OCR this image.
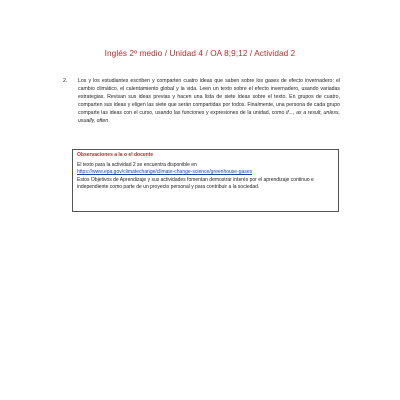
Inglés 2º medio / Unidad 4 / OA 8;9;12 / Actividad 2
2.	Los y los estudiantes escriben y comparten cuatro ideas que saben sobre los gases de efecto invernadero: el cambio climático, el calentamiento global y la vida. Leen un texto sobre el efecto invernadero, usando variadas estrategias. Revisan sus ideas previas y hacen una lista de siete ideas sobre el texto. En grupos de cuatro, comparten sus ideas y eligen las siete que serán compartidas por todos. Finalmente, una persona de cada grupo comparte las ideas con el curso, usando las funciones y expresiones de la unidad, como if..., as a result, unless, usually, often.
Observaciones a la o el docente
El texto para la actividad 2 se encuentra disponible en
https://www.epa.gov/climatechange/climate-change-science/greenhouse-gases
Estos Objetivos de Aprendizaje y sus actividades fomentan demostrar interés por el aprendizaje continuo e independiente como parte de un proyecto personal y para contribuir a la sociedad.
